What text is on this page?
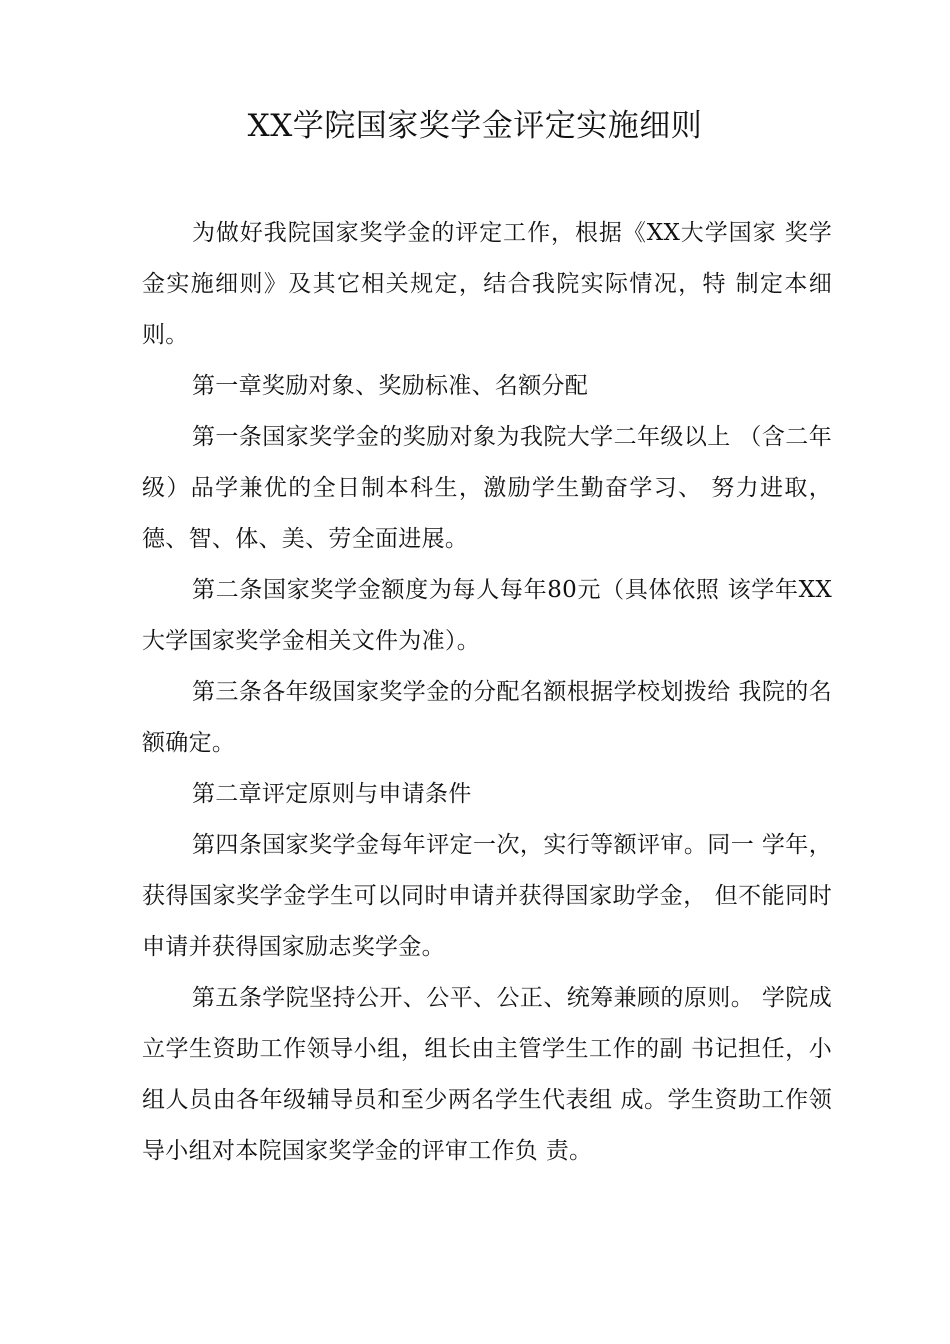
XX学院国家奖学金评定实施细则

为做好我院国家奖学金的评定工作，根据《XX大学国家 奖学金实施细则》及其它相关规定，结合我院实际情况，特 制定本细则。

第一章奖励对象、奖励标准、名额分配

第一条国家奖学金的奖励对象为我院大学二年级以上 （含二年级）品学兼优的全日制本科生，激励学生勤奋学习、 努力进取，德、智、体、美、劳全面进展。

第二条国家奖学金额度为每人每年80元（具体依照 该学年XX大学国家奖学金相关文件为准）。

第三条各年级国家奖学金的分配名额根据学校划拨给 我院的名额确定。

第二章评定原则与申请条件

第四条国家奖学金每年评定一次，实行等额评审。同一 学年，获得国家奖学金学生可以同时申请并获得国家助学金， 但不能同时申请并获得国家励志奖学金。

第五条学院坚持公开、公平、公正、统筹兼顾的原则。 学院成立学生资助工作领导小组，组长由主管学生工作的副 书记担任，小组人员由各年级辅导员和至少两名学生代表组 成。学生资助工作领导小组对本院国家奖学金的评审工作负 责。
